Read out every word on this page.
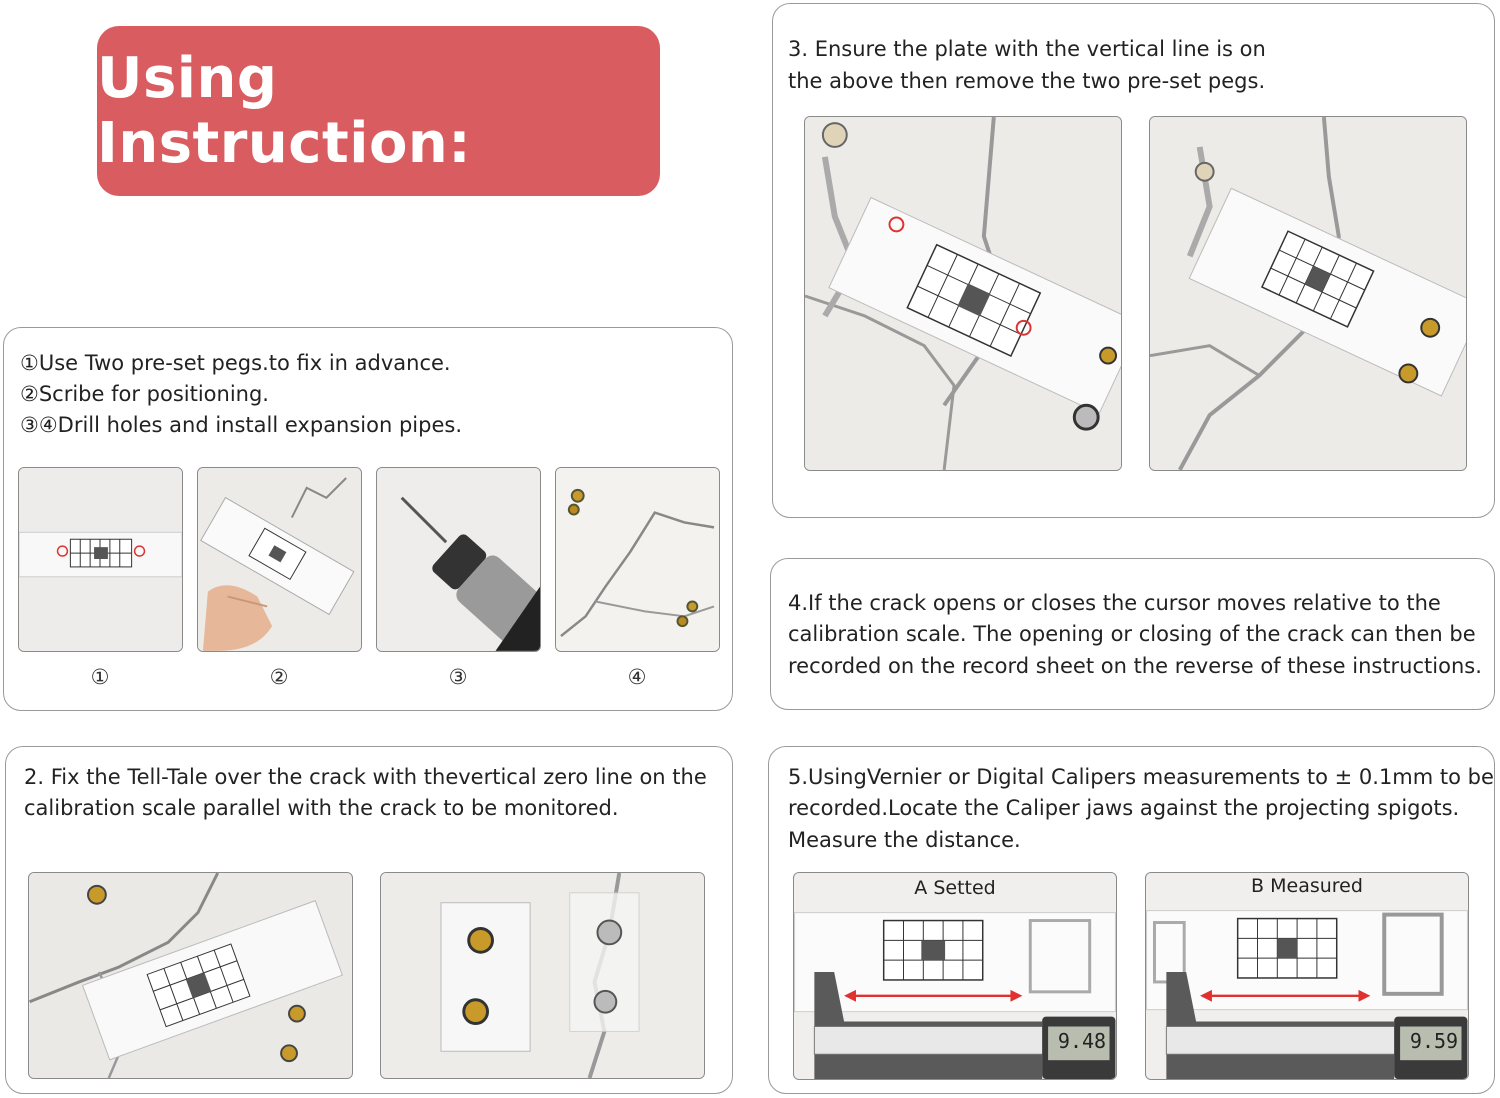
Using Instruction:
①Use Two pre-set pegs.to fix in advance.
②Scribe for positioning.
③④Drill holes and install expansion pipes.
①	②	③	④
2. Fix the Tell-Tale over the crack with thevertical zero line on the
calibration scale parallel with the crack to be monitored.
3. Ensure the plate with the vertical line is on
the above then remove the two pre-set pegs.
4.If the crack opens or closes the cursor moves relative to the
calibration scale. The opening or closing of the crack can then be
recorded on the record sheet on the reverse of these instructions.
5.UsingVernier or Digital Calipers measurements to ± 0.1mm to be
recorded.Locate the Caliper jaws against the projecting spigots.
Measure the distance.
A Setted
9.48
B Measured
9.59
